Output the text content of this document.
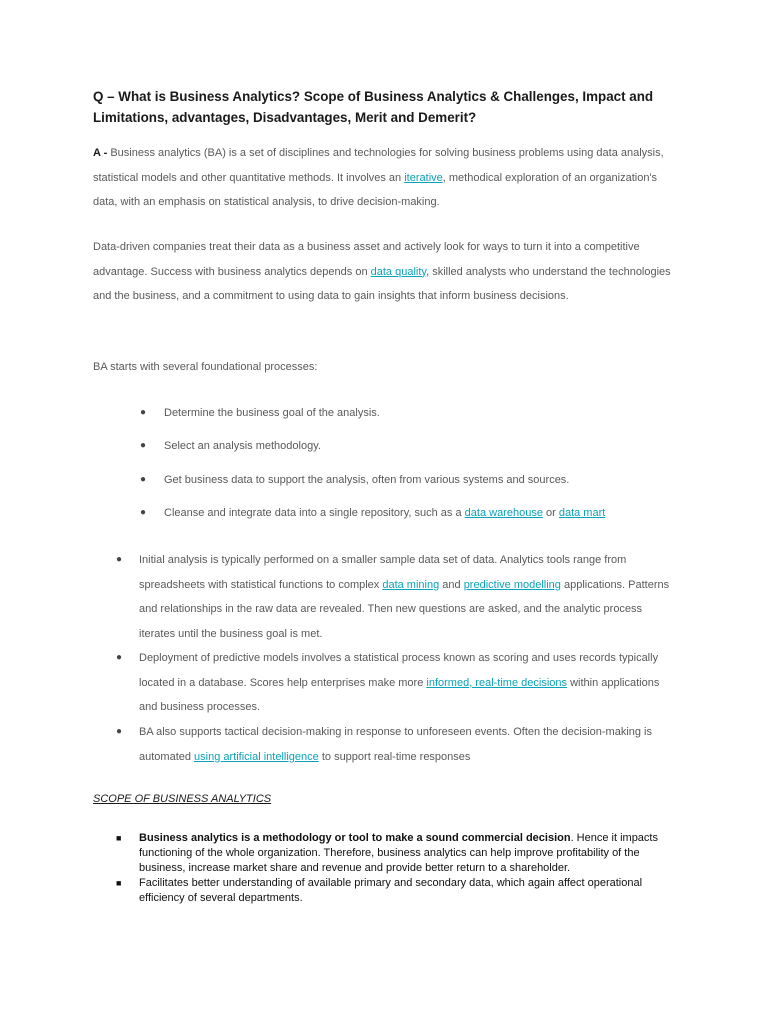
Q – What is Business Analytics? Scope of Business Analytics & Challenges, Impact and Limitations, advantages, Disadvantages, Merit and Demerit?
A - Business analytics (BA) is a set of disciplines and technologies for solving business problems using data analysis, statistical models and other quantitative methods. It involves an iterative, methodical exploration of an organization's data, with an emphasis on statistical analysis, to drive decision-making.
Data-driven companies treat their data as a business asset and actively look for ways to turn it into a competitive advantage. Success with business analytics depends on data quality, skilled analysts who understand the technologies and the business, and a commitment to using data to gain insights that inform business decisions.
BA starts with several foundational processes:
● Determine the business goal of the analysis.
● Select an analysis methodology.
● Get business data to support the analysis, often from various systems and sources.
● Cleanse and integrate data into a single repository, such as a data warehouse or data mart
● Initial analysis is typically performed on a smaller sample data set of data. Analytics tools range from spreadsheets with statistical functions to complex data mining and predictive modelling applications. Patterns and relationships in the raw data are revealed. Then new questions are asked, and the analytic process iterates until the business goal is met.
● Deployment of predictive models involves a statistical process known as scoring and uses records typically located in a database. Scores help enterprises make more informed, real-time decisions within applications and business processes.
● BA also supports tactical decision-making in response to unforeseen events. Often the decision-making is automated using artificial intelligence to support real-time responses
SCOPE OF BUSINESS ANALYTICS
■ Business analytics is a methodology or tool to make a sound commercial decision. Hence it impacts functioning of the whole organization. Therefore, business analytics can help improve profitability of the business, increase market share and revenue and provide better return to a shareholder.
■ Facilitates better understanding of available primary and secondary data, which again affect operational efficiency of several departments.
